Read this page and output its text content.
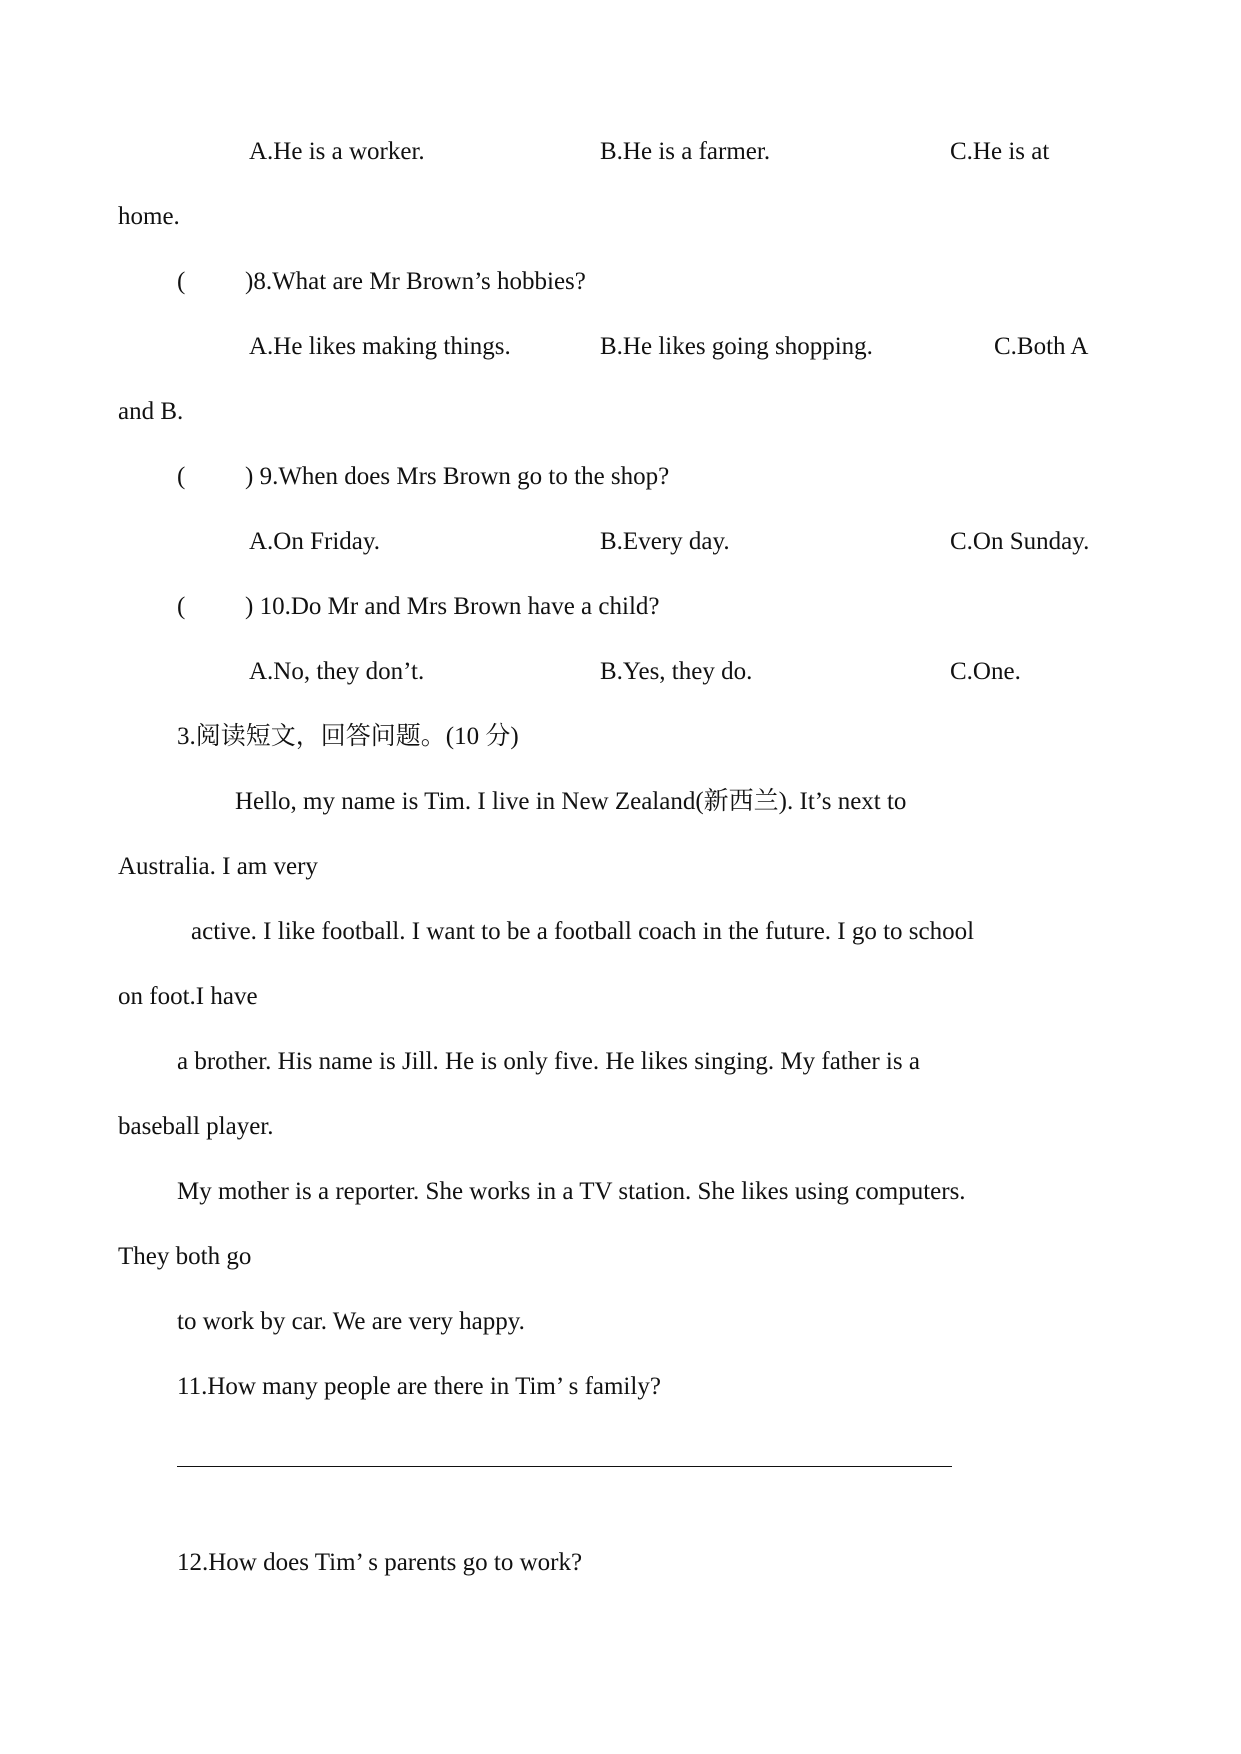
A.He is a worker.	B.He is a farmer.	C.He is at
home.
( )8.What are Mr Brown’s hobbies?
A.He likes making things.	B.He likes going shopping.	C.Both A
and B.
( ) 9.When does Mrs Brown go to the shop?
A.On Friday.	B.Every day.	C.On Sunday.
( ) 10.Do Mr and Mrs Brown have a child?
A.No, they don’t.	B.Yes, they do.	C.One.
3.阅读短文，回答问题。(10 分)
Hello, my name is Tim. I live in New Zealand(新西兰). It’s next to
Australia. I am very
active. I like football. I want to be a football coach in the future. I go to school
on foot.I have
a brother. His name is Jill. He is only five. He likes singing. My father is a
baseball player.
My mother is a reporter. She works in a TV station. She likes using computers.
They both go
to work by car. We are very happy.
11.How many people are there in Tim’ s family?
12.How does Tim’ s parents go to work?
